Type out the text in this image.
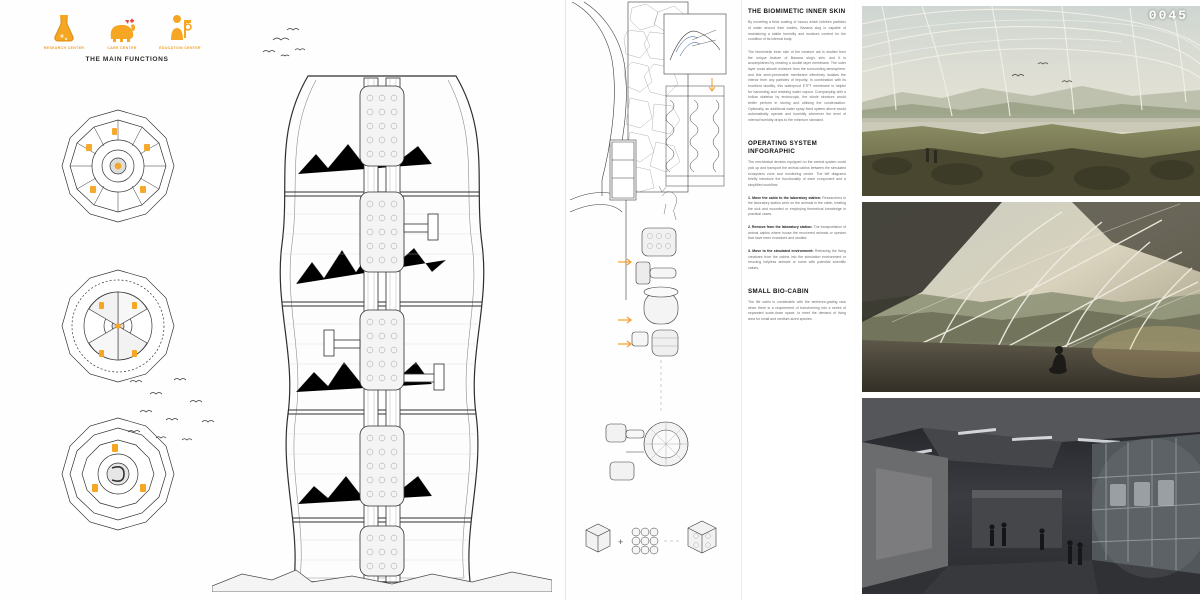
RESEARCH CENTER	CARE CENTER	EDUCATION CENTER
THE MAIN FUNCTIONS
+
THE BIOMIMETIC INNER SKIN
By excreting a thick coating of mucus which imbibes particles of water around their bodies, Banana slug is capable of maintaining a stable humidity and moisture content for the condition of its internal body.
The biomimetic inner skin of the creature ark is studied from the unique feature of Banana slug's skin, and it is accomplished by creating a double layer membrane. The outer layer could absorb moisture from the surrounding atmosphere, and this semi-permeable membrane effectively isolates the interior from any particles of impurity. In combination with its excellent ductility, this waterproof ETFT membrane is helpful for harvesting and retaining water vapour. Coexpanying with a hollow skeleton by endoscopic, the whole structure would better perform in storing and utilising the condensation. Optionally, an additional water spray fixed system above would automatically operate and humidity whenever the level of internal humidity drops to the minimum standard.
OPERATING SYSTEM INFOGRAPHIC
The mechanical devices equipped on the central system could pick up and transport the animal cabins between the simulated ecosystem zone and monitoring centre. The left diagrams briefly introduce the functionality of each component and a simplified workflow:
1. Move the cabin to the laboratory station: Researchers in the laboratory station work on the animals in the cabin, treating the sick and wounded or employing theoretical knowledge in practical cases.
2. Remove from the laboratory station: The transportation of animal cabins where house the recovered animals or species that have been examined and studied.
3. Move to the simulated environment: Releasing the living creatures from the cabins into the simulation environment or rescuing helpless animals or some with potential scientific values.
SMALL BIO-CABIN
The life cabin is combinable with the beehives-grating rack when there is a requirement of transforming into a series of separated scale-down space, to meet the demand of living area for small and medium-sized species.
0045
